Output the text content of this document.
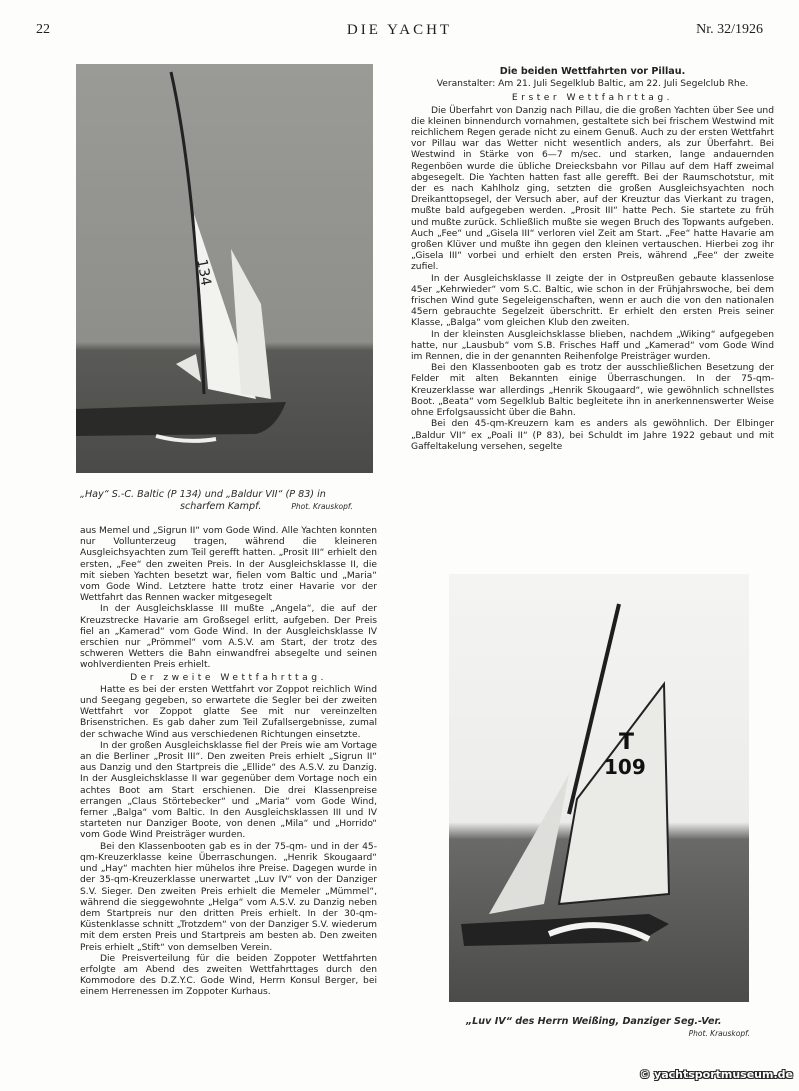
22	DIE YACHT	Nr. 32/1926
134
„Hay“ S.-C. Baltic (P 134) und „Baldur VII“ (P 83) in
scharfem Kampf.	Phot. Krauskopf.
Die beiden Wettfahrten vor Pillau.

Veranstalter: Am 21. Juli Segelklub Baltic, am 22. Juli Segelclub Rhe.

Erster Wettfahrttag.

Die Überfahrt von Danzig nach Pillau, die die großen Yachten über See und die kleinen binnendurch vornahmen, gestaltete sich bei frischem Westwind mit reichlichem Regen gerade nicht zu einem Genuß. Auch zu der ersten Wettfahrt vor Pillau war das Wetter nicht wesentlich anders, als zur Überfahrt. Bei Westwind in Stärke von 6—7 m/sec. und starken, lange andauernden Regenböen wurde die übliche Dreiecksbahn vor Pillau auf dem Haff zweimal abgesegelt. Die Yachten hatten fast alle gerefft. Bei der Raumschotstur, mit der es nach Kahlholz ging, setzten die großen Ausgleichsyachten noch Dreikanttopsegel, der Versuch aber, auf der Kreuztur das Vierkant zu tragen, mußte bald aufgegeben werden. „Prosit III“ hatte Pech. Sie startete zu früh und mußte zurück. Schließlich mußte sie wegen Bruch des Topwants aufgeben. Auch „Fee“ und „Gisela III“ verloren viel Zeit am Start. „Fee“ hatte Havarie am großen Klüver und mußte ihn gegen den kleinen vertauschen. Hierbei zog ihr „Gisela III“ vorbei und erhielt den ersten Preis, während „Fee“ der zweite zufiel.

In der Ausgleichsklasse II zeigte der in Ostpreußen gebaute klassenlose 45er „Kehrwieder“ vom S.C. Baltic, wie schon in der Frühjahrswoche, bei dem frischen Wind gute Segeleigenschaften, wenn er auch die von den nationalen 45ern gebrauchte Segelzeit überschritt. Er erhielt den ersten Preis seiner Klasse, „Balga“ vom gleichen Klub den zweiten.

In der kleinsten Ausgleichsklasse blieben, nachdem „Wiking“ aufgegeben hatte, nur „Lausbub“ vom S.B. Frisches Haff und „Kamerad“ vom Gode Wind im Rennen, die in der genannten Reihenfolge Preisträger wurden.

Bei den Klassenbooten gab es trotz der ausschließlichen Besetzung der Felder mit alten Bekannten einige Überraschungen. In der 75-qm-Kreuzerklasse war allerdings „Henrik Skougaard“, wie gewöhnlich schnellstes Boot. „Beata“ vom Segelklub Baltic begleitete ihn in anerkennenswerter Weise ohne Erfolgsaussicht über die Bahn.

Bei den 45-qm-Kreuzern kam es anders als gewöhnlich. Der Elbinger „Baldur VII“ ex „Poali II“ (P 83), bei Schuldt im Jahre 1922 gebaut und mit Gaffeltakelung versehen, segelte

aus Memel und „Sigrun II“ vom Gode Wind. Alle Yachten konnten nur Vollunterzeug tragen, während die kleineren Ausgleichsyachten zum Teil gerefft hatten. „Prosit III“ erhielt den ersten, „Fee“ den zweiten Preis. In der Ausgleichsklasse II, die mit sieben Yachten besetzt war, fielen vom Baltic und „Maria“ vom Gode Wind. Letztere hatte trotz einer Havarie vor der Wettfahrt das Rennen wacker mitgesegelt

In der Ausgleichsklasse III mußte „Angela“, die auf der Kreuzstrecke Havarie am Großsegel erlitt, aufgeben. Der Preis fiel an „Kamerad“ vom Gode Wind. In der Ausgleichsklasse IV erschien nur „Prömmel“ vom A.S.V. am Start, der trotz des schweren Wetters die Bahn einwandfrei absegelte und seinen wohlverdienten Preis erhielt.

Der zweite Wettfahrttag.

Hatte es bei der ersten Wettfahrt vor Zoppot reichlich Wind und Seegang gegeben, so erwartete die Segler bei der zweiten Wettfahrt vor Zoppot glatte See mit nur vereinzelten Brisenstrichen. Es gab daher zum Teil Zufallsergebnisse, zumal der schwache Wind aus verschiedenen Richtungen einsetzte.

In der großen Ausgleichsklasse fiel der Preis wie am Vortage an die Berliner „Prosit III“. Den zweiten Preis erhielt „Sigrun II“ aus Danzig und den Startpreis die „Ellide“ des A.S.V. zu Danzig. In der Ausgleichsklasse II war gegenüber dem Vortage noch ein achtes Boot am Start erschienen. Die drei Klassenpreise errangen „Claus Störtebecker“ und „Maria“ vom Gode Wind, ferner „Balga“ vom Baltic. In den Ausgleichsklassen III und IV starteten nur Danziger Boote, von denen „Mila“ und „Horrido“ vom Gode Wind Preisträger wurden.

Bei den Klassenbooten gab es in der 75-qm- und in der 45-qm-Kreuzerklasse keine Überraschungen. „Henrik Skougaard“ und „Hay“ machten hier mühelos ihre Preise. Dagegen wurde in der 35-qm-Kreuzerklasse unerwartet „Luv IV“ von der Danziger S.V. Sieger. Den zweiten Preis erhielt die Memeler „Mümmel“, während die sieggewohnte „Helga“ vom A.S.V. zu Danzig neben dem Startpreis nur den dritten Preis erhielt. In der 30-qm-Küstenklasse schnitt „Trotzdem“ von der Danziger S.V. wiederum mit dem ersten Preis und Startpreis am besten ab. Den zweiten Preis erhielt „Stift“ von demselben Verein.

Die Preisverteilung für die beiden Zoppoter Wettfahrten erfolgte am Abend des zweiten Wettfahrttages durch den Kommodore des D.Z.Y.C. Gode Wind, Herrn Konsul Berger, bei einem Herrenessen im Zoppoter Kurhaus.

T
109
„Luv IV“ des Herrn Weißing, Danziger Seg.-Ver.
Phot. Krauskopf.
© yachtsportmuseum.de
